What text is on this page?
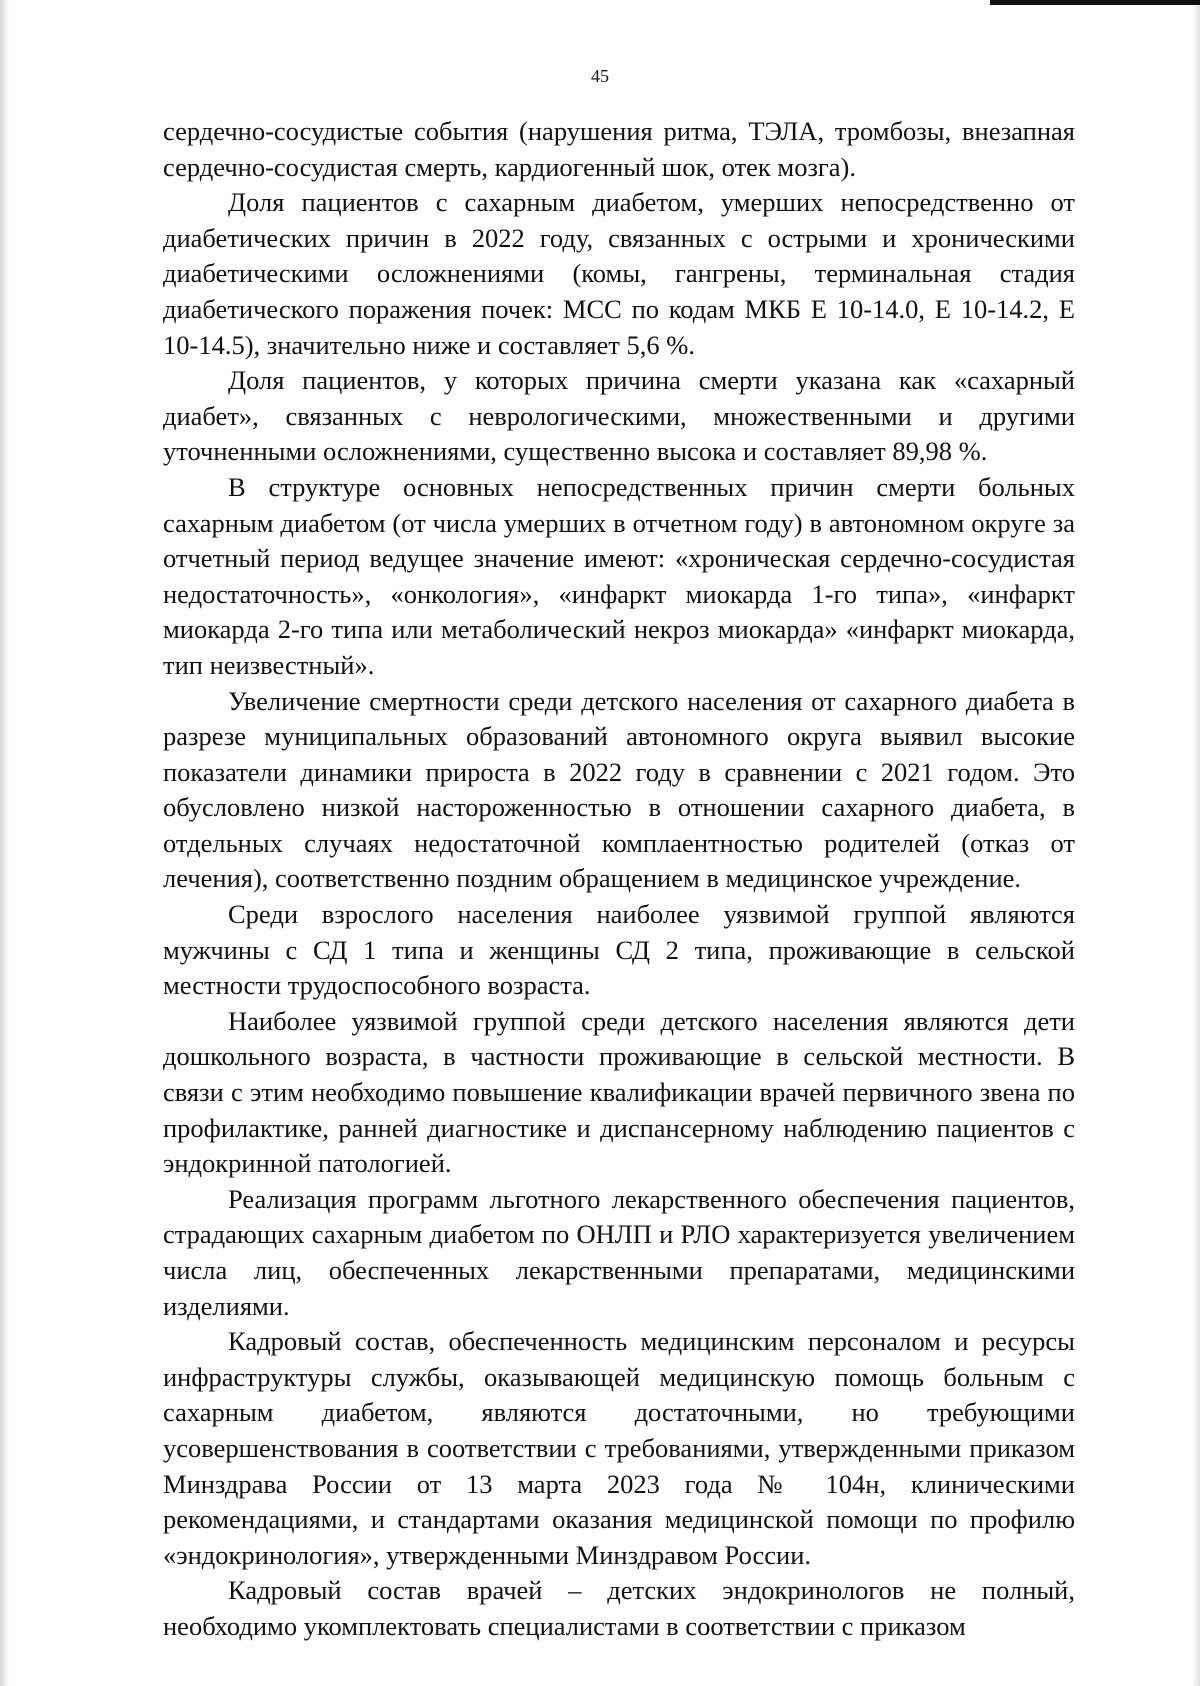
45

сердечно-сосудистые события (нарушения ритма, ТЭЛА, тромбозы, внезапная сердечно-сосудистая смерть, кардиогенный шок, отек мозга).

Доля пациентов с сахарным диабетом, умерших непосредственно от диабетических причин в 2022 году, связанных с острыми и хроническими диабетическими осложнениями (комы, гангрены, терминальная стадия диабетического поражения почек: МСС по кодам МКБ Е 10-14.0, Е 10-14.2, Е 10-14.5), значительно ниже и составляет 5,6 %.

Доля пациентов, у которых причина смерти указана как «сахарный диабет», связанных с неврологическими, множественными и другими уточненными осложнениями, существенно высока и составляет 89,98 %.

В структуре основных непосредственных причин смерти больных сахарным диабетом (от числа умерших в отчетном году) в автономном округе за отчетный период ведущее значение имеют: «хроническая сердечно-сосудистая недостаточность», «онкология», «инфаркт миокарда 1-го типа», «инфаркт миокарда 2-го типа или метаболический некроз миокарда» «инфаркт миокарда, тип неизвестный».

Увеличение смертности среди детского населения от сахарного диабета в разрезе муниципальных образований автономного округа выявил высокие показатели динамики прироста в 2022 году в сравнении с 2021 годом. Это обусловлено низкой настороженностью в отношении сахарного диабета, в отдельных случаях недостаточной комплаентностью родителей (отказ от лечения), соответственно поздним обращением в медицинское учреждение.

Среди взрослого населения наиболее уязвимой группой являются мужчины с СД 1 типа и женщины СД 2 типа, проживающие в сельской местности трудоспособного возраста.

Наиболее уязвимой группой среди детского населения являются дети дошкольного возраста, в частности проживающие в сельской местности. В связи с этим необходимо повышение квалификации врачей первичного звена по профилактике, ранней диагностике и диспансерному наблюдению пациентов с эндокринной патологией.

Реализация программ льготного лекарственного обеспечения пациентов, страдающих сахарным диабетом по ОНЛП и РЛО характеризуется увеличением числа лиц, обеспеченных лекарственными препаратами, медицинскими изделиями.

Кадровый состав, обеспеченность медицинским персоналом и ресурсы инфраструктуры службы, оказывающей медицинскую помощь больным с сахарным диабетом, являются достаточными, но требующими усовершенствования в соответствии с требованиями, утвержденными приказом Минздрава России от 13 марта 2023 года № 104н, клиническими рекомендациями, и стандартами оказания медицинской помощи по профилю «эндокринология», утвержденными Минздравом России.

Кадровый состав врачей – детских эндокринологов не полный, необходимо укомплектовать специалистами в соответствии с приказом
